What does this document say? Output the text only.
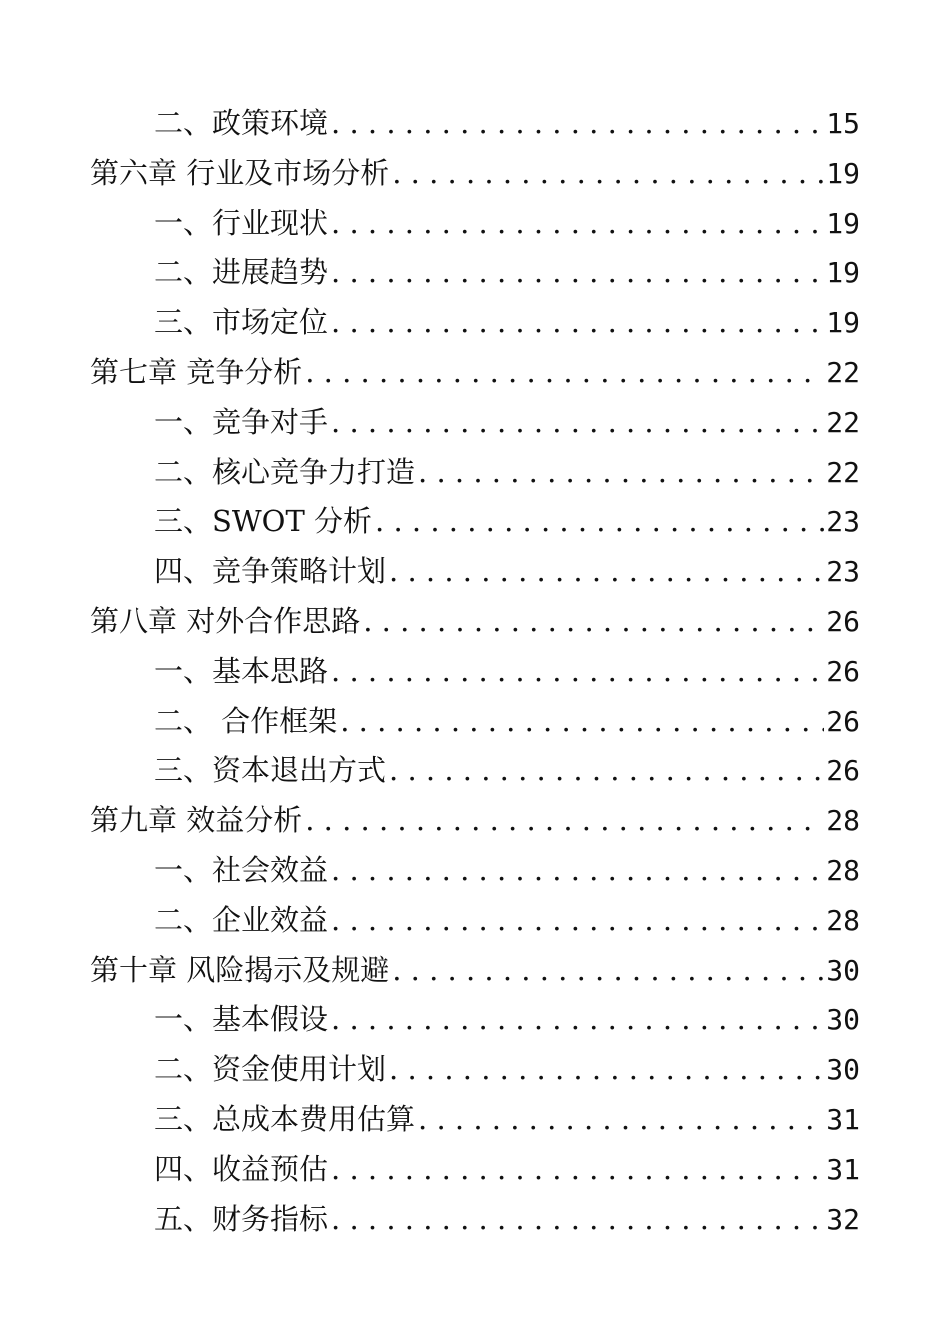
二、政策环境 . . .	15
第六章 行业及市场分析 . . .	19
一、行业现状 . . .	19
二、进展趋势 . . .	19
三、市场定位 . . .	19
第七章 竞争分析 . . .	22
一、竞争对手 . . .	22
二、核心竞争力打造 . . .	22
三、SWOT 分析 . . .	23
四、竞争策略计划 . . .	23
第八章 对外合作思路 . . .	26
一、基本思路 . . .	26
二、 合作框架 . . .	26
三、资本退出方式 . . .	26
第九章 效益分析 . . .	28
一、社会效益 . . .	28
二、企业效益 . . .	28
第十章 风险揭示及规避 . . .	30
一、基本假设 . . .	30
二、资金使用计划 . . .	30
三、总成本费用估算 . . .	31
四、收益预估 . . .	31
五、财务指标 . . .	32
